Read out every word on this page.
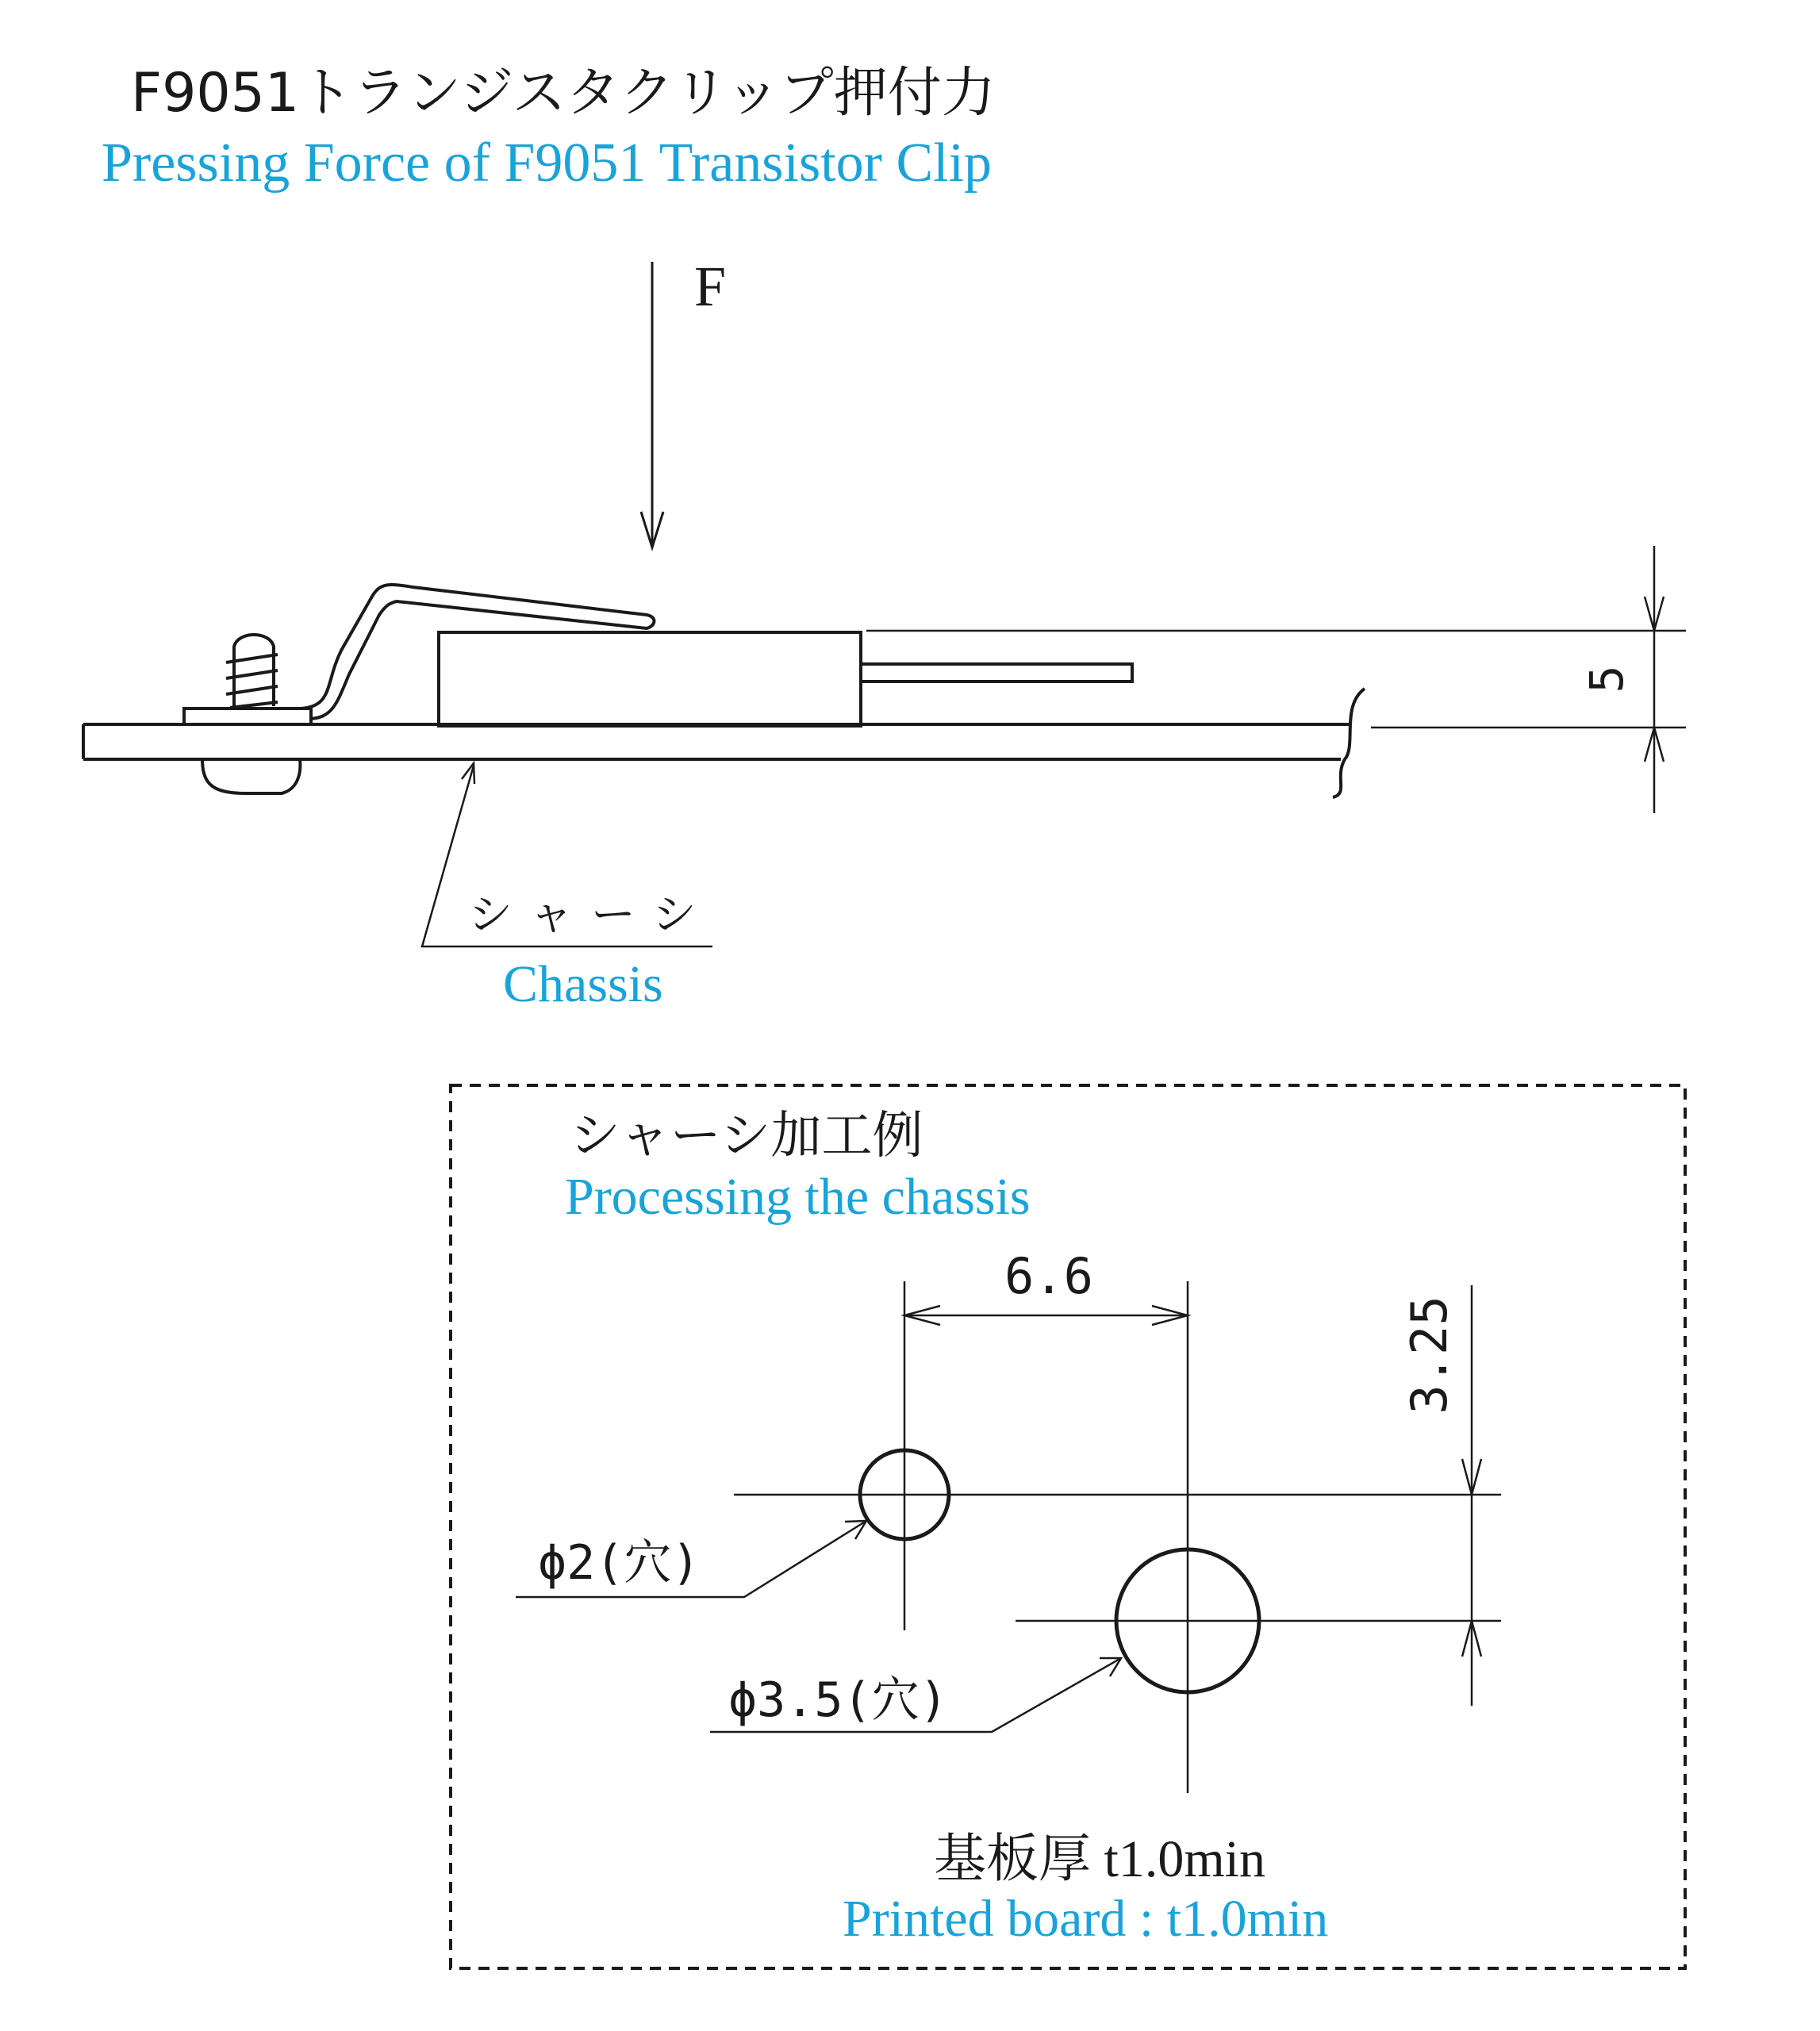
F9051トランジスタクリップ押付力
Pressing Force of F9051 Transistor Clip
F
5
シャーシ
Chassis
シャーシ加工例
Processing the chassis
6.6
3.25
ϕ2(穴)
ϕ3.5(穴)
基板厚 t1.0min
Printed board : t1.0min
